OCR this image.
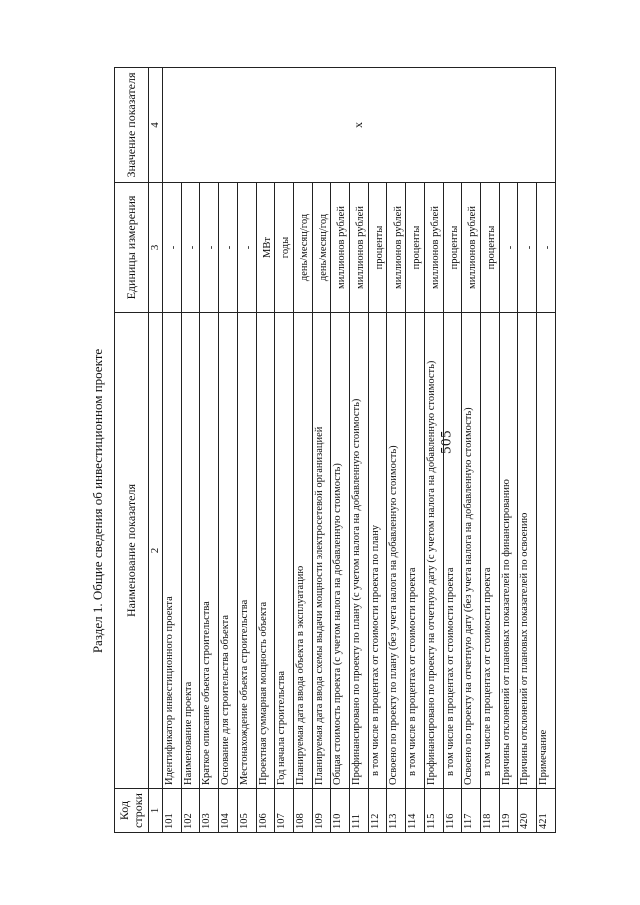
505
Раздел 1. Общие сведения об инвестиционном проекте
Код строки	Наименование показателя	Единицы измерения	Значение показателя
1	2	3	4
101	Идентификатор инвестиционного проекта	-	x
102	Наименование проекта	-	
103	Краткое описание объекта строительства	-	
104	Основание для строительства объекта	-	
105	Местонахождение объекта строительства	-	
106	Проектная суммарная мощность объекта	МВт	
107	Год начала строительства	годы	
108	Планируемая дата ввода объекта в эксплуатацию	день/месяц/год	
109	Планируемая дата ввода схемы выдачи мощности электросетевой организацией	день/месяц/год	
110	Общая стоимость проекта (с учетом налога на добавленную стоимость)	миллионов рублей	
111	Профинансировано по проекту по плану (с учетом налога на добавленную стоимость)	миллионов рублей	
112	в том числе в процентах от стоимости проекта по плану	проценты	
113	Освоено по проекту по плану (без учета налога на добавленную стоимость)	миллионов рублей	
114	в том числе в процентах от стоимости проекта	проценты	
115	Профинансировано по проекту на отчетную дату (с учетом налога на добавленную стоимость)	миллионов рублей	
116	в том числе в процентах от стоимости проекта	проценты	
117	Освоено по проекту на отчетную дату (без учета налога на добавленную стоимость)	миллионов рублей	
118	в том числе в процентах от стоимости проекта	проценты	
119	Причины отклонений от плановых показателей по финансированию	-	
420	Причины отклонений от плановых показателей по освоению	-	
421	Примечание	-	
